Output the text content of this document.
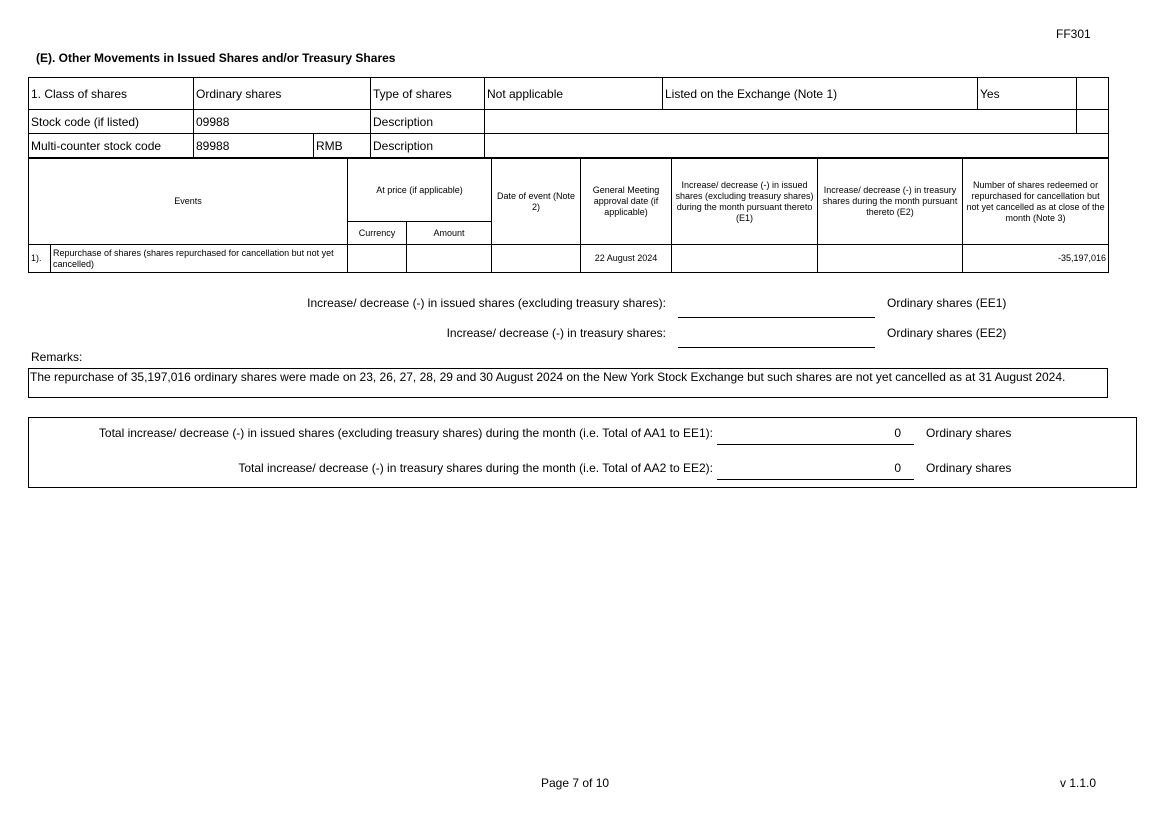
FF301
(E). Other Movements in Issued Shares and/or Treasury Shares
1. Class of shares	Ordinary shares		Type of shares	Not applicable	Listed on the Exchange (Note 1)	Yes	
Stock code (if listed)	09988		Description				
Multi-counter stock code	89988	RMB	Description				
Events		At price (if applicable)		Date of event (Note 2)	General Meeting approval date (if applicable)	Increase/ decrease (-) in issued shares (excluding treasury shares) during the month pursuant thereto (E1)	Increase/ decrease (-) in treasury shares during the month pursuant thereto (E2)	Number of shares redeemed or repurchased for cancellation but not yet cancelled as at close of the month (Note 3)
		Currency	Amount					
1).	Repurchase of shares (shares repurchased for cancellation but not yet cancelled)				22 August 2024			-35,197,016
Increase/ decrease (-) in issued shares (excluding treasury shares):	Ordinary shares (EE1)
Increase/ decrease (-) in treasury shares:	Ordinary shares (EE2)
Remarks:
The repurchase of 35,197,016 ordinary shares were made on 23, 26, 27, 28, 29 and 30 August 2024 on the New York Stock Exchange but such shares are not yet cancelled as at 31 August 2024.
Total increase/ decrease (-) in issued shares (excluding treasury shares) during the month (i.e. Total of AA1 to EE1):	0	Ordinary shares
Total increase/ decrease (-) in treasury shares during the month (i.e. Total of AA2 to EE2):	0	Ordinary shares
Page 7 of 10	v 1.1.0
